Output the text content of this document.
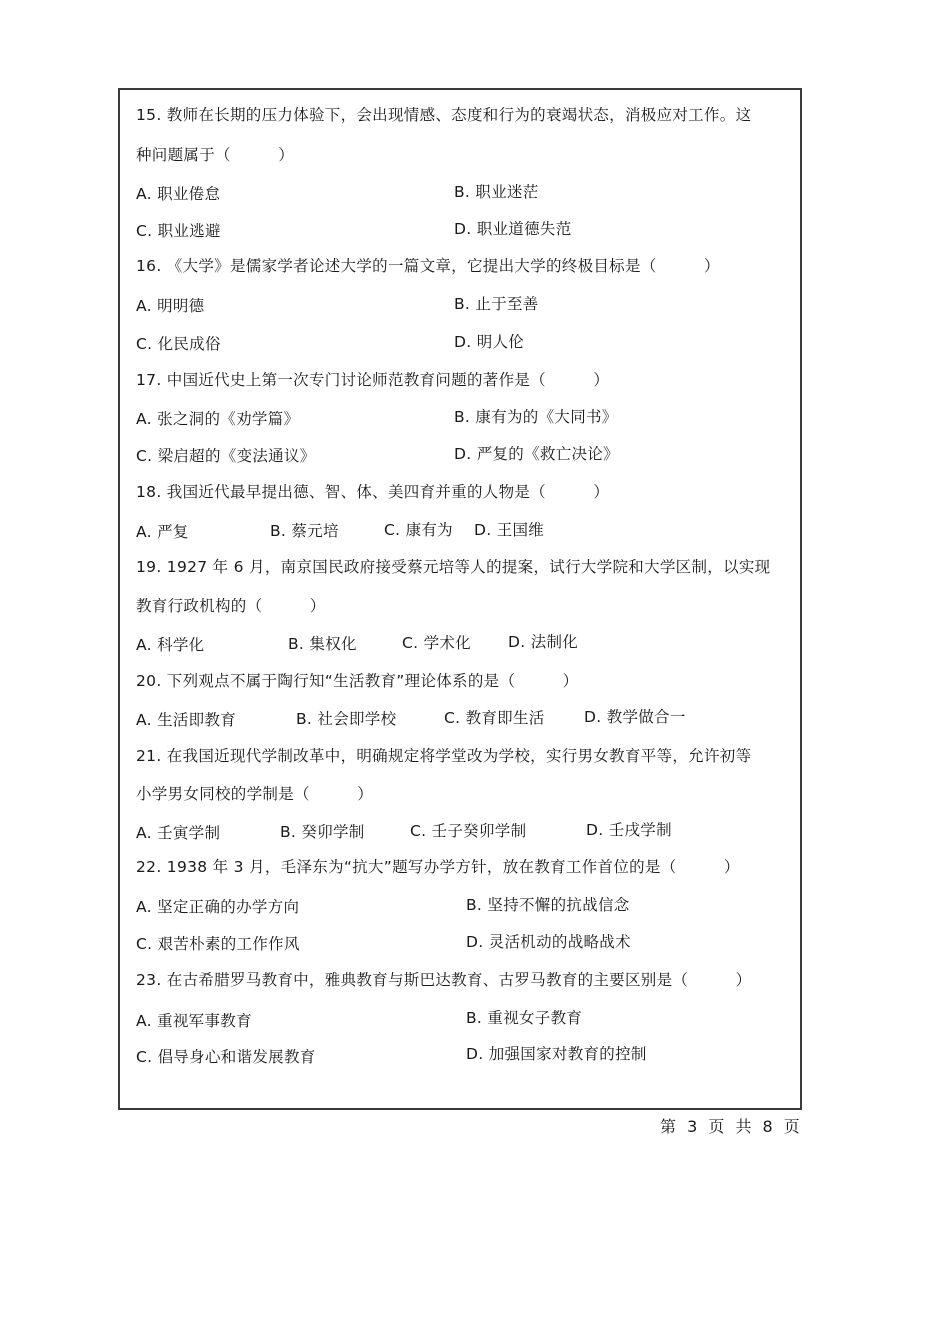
15. 教师在长期的压力体验下，会出现情感、态度和行为的衰竭状态，消极应对工作。这
种问题属于（　　　）
A. 职业倦怠	B. 职业迷茫
C. 职业逃避	D. 职业道德失范
16. 《大学》是儒家学者论述大学的一篇文章，它提出大学的终极目标是（　　　）
A. 明明德	B. 止于至善
C. 化民成俗	D. 明人伦
17. 中国近代史上第一次专门讨论师范教育问题的著作是（　　　）
A. 张之洞的《劝学篇》	B. 康有为的《大同书》
C. 梁启超的《变法通议》	D. 严复的《救亡决论》
18. 我国近代最早提出德、智、体、美四育并重的人物是（　　　）
A. 严复	B. 蔡元培	C. 康有为 D. 王国维
19. 1927 年 6 月，南京国民政府接受蔡元培等人的提案，试行大学院和大学区制，以实现
教育行政机构的（　　　）
A. 科学化	B. 集权化	C. 学术化 D. 法制化
20. 下列观点不属于陶行知“生活教育”理论体系的是（　　　）
A. 生活即教育	B. 社会即学校	C. 教育即生活	D. 教学做合一
21. 在我国近现代学制改革中，明确规定将学堂改为学校，实行男女教育平等，允许初等
小学男女同校的学制是（　　　）
A. 壬寅学制	B. 癸卯学制	C. 壬子癸卯学制	D. 壬戌学制
22. 1938 年 3 月，毛泽东为“抗大”题写办学方针，放在教育工作首位的是（　　　）
A. 坚定正确的办学方向	B. 坚持不懈的抗战信念
C. 艰苦朴素的工作作风	D. 灵活机动的战略战术
23. 在古希腊罗马教育中，雅典教育与斯巴达教育、古罗马教育的主要区别是（　　　）
A. 重视军事教育	B. 重视女子教育
C. 倡导身心和谐发展教育	D. 加强国家对教育的控制
第 3 页 共 8 页
